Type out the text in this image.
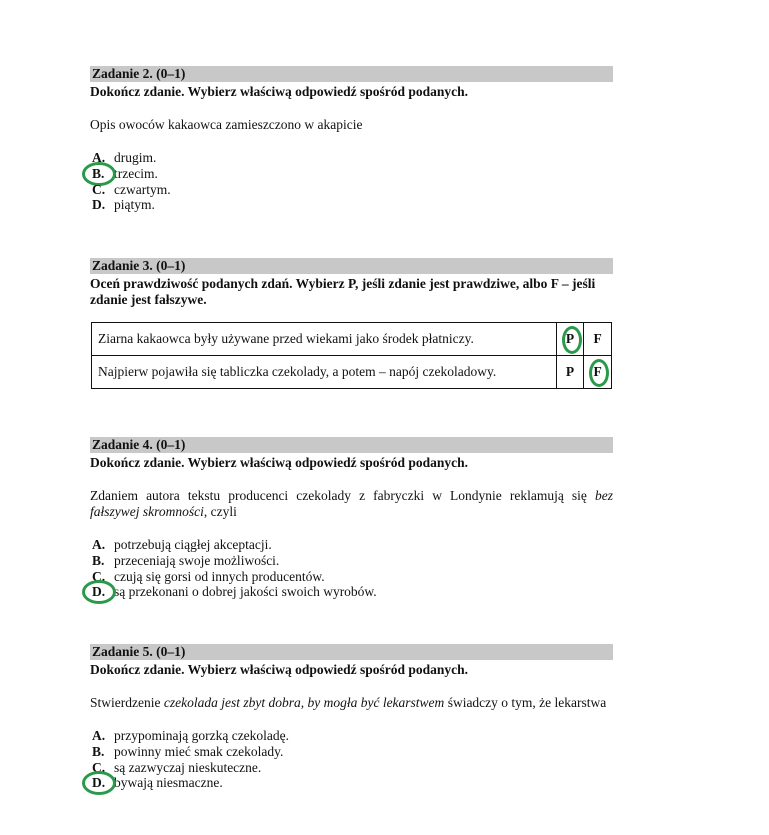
Zadanie 2. (0–1)
Dokończ zdanie. Wybierz właściwą odpowiedź spośród podanych.
Opis owoców kakaowca zamieszczono w akapicie
A. drugim.
B. trzecim.
C. czwartym.
D. piątym.
Zadanie 3. (0–1)
Oceń prawdziwość podanych zdań. Wybierz P, jeśli zdanie jest prawdziwe, albo F – jeśli zdanie jest fałszywe.
Ziarna kakaowca były używane przed wiekami jako środek płatniczy.	P	F
Najpierw pojawiła się tabliczka czekolady, a potem – napój czekoladowy.	P	F
Zadanie 4. (0–1)
Dokończ zdanie. Wybierz właściwą odpowiedź spośród podanych.
Zdaniem autora tekstu producenci czekolady z fabryczki w Londynie reklamują się bez fałszywej skromności, czyli
A. potrzebują ciągłej akceptacji.
B. przeceniają swoje możliwości.
C. czują się gorsi od innych producentów.
D. są przekonani o dobrej jakości swoich wyrobów.
Zadanie 5. (0–1)
Dokończ zdanie. Wybierz właściwą odpowiedź spośród podanych.
Stwierdzenie czekolada jest zbyt dobra, by mogła być lekarstwem świadczy o tym, że lekarstwa
A. przypominają gorzką czekoladę.
B. powinny mieć smak czekolady.
C. są zazwyczaj nieskuteczne.
D. bywają niesmaczne.
